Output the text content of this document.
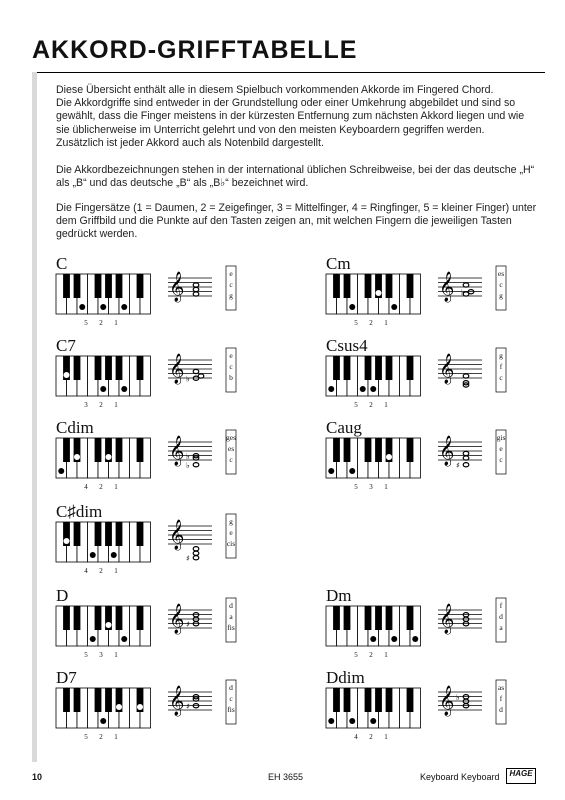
AKKORD-GRIFFTABELLE

Diese Übersicht enthält alle in diesem Spielbuch vorkommenden Akkorde im Fingered Chord.

Die Akkordgriffe sind entweder in der Grundstellung oder einer Umkehrung abgebildet und sind so gewählt, dass die Finger meistens in der kürzesten Entfernung zum nächsten Akkord liegen und wie sie üblicherweise im Unterricht gelehrt und von den meisten Keyboardern gegriffen werden.

Zusätzlich ist jeder Akkord auch als Notenbild dargestellt.

Die Akkordbezeichnungen stehen in der international üblichen Schreibweise, bei der das deutsche „H“ als „B“ und das deutsche „B“ als „B♭“ bezeichnet wird.
Die Fingersätze (1 = Daumen, 2 = Zeigefinger, 3 = Mittelfinger, 4 = Ringfinger, 5 = kleiner Finger) unter dem Griffbild und die Punkte auf den Tasten zeigen an, mit welchen Fingern die jeweiligen Tasten gedrückt werden.
C
5 2 1
𝄞	e
c
g
Cm
5 2 1
𝄞 ♭
es
c
g
C7
3 2 1
𝄞 ♭
e
c
b
Csus4
5 2 1
𝄞	g
f
c
Cdim
4 2 1
𝄞 ♭
♭
ges
es
c
Caug
5 3 1
𝄞 ♯
gis
e
c
C♯dim
4 2 1
𝄞
♯
g
e
cis
D
5 3 1
𝄞 ♯
d
a
fis
Dm
5 2 1
𝄞	f
d
a
D7
5 2 1
𝄞 ♯
d
c
fis
Ddim
4 2 1
𝄞 ♭
as
f
d
10	EH 3655	Keyboard Keyboard	HAGE
